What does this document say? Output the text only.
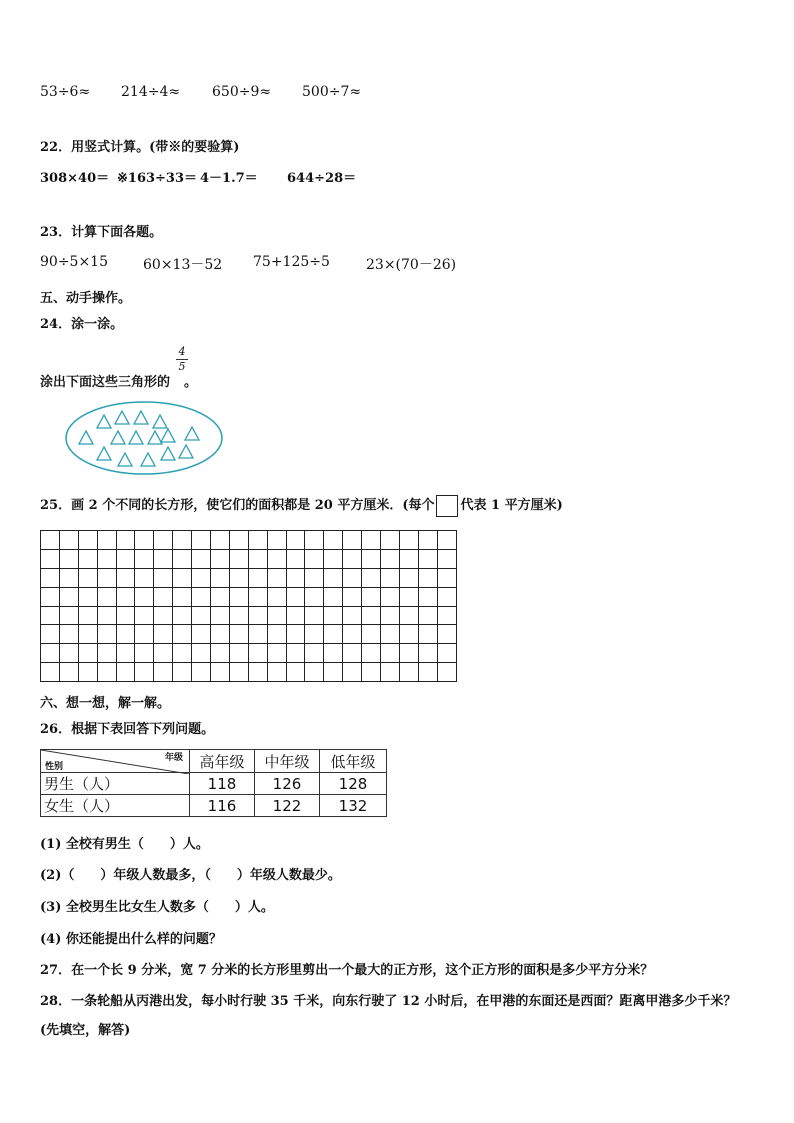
53÷6≈ 214÷4≈ 650÷9≈ 500÷7≈
22．用竖式计算。(带※的要验算)
308×40＝ ※163÷33＝ 4－1.7＝ 644÷28＝
23．计算下面各题。
90÷5×15	60×13－52 75+125÷5	23×(70－26)
五、动手操作。
24．涂一涂。
涂出下面这些三角形的 。
4
5
25．画 2 个不同的长方形，使它们的面积都是 20 平方厘米．(每个 代表 1 平方厘米)

六、想一想，解一解。
26．根据下表回答下列问题。
年级
性别	高年级	中年级	低年级
男生（人）	118	126	128
女生（人）	116	122	132
(1) 全校有男生（　　）人。
(2)（　　）年级人数最多，（　　）年级人数最少。
(3) 全校男生比女生人数多（　　）人。
(4) 你还能提出什么样的问题？
27．在一个长 9 分米，宽 7 分米的长方形里剪出一个最大的正方形，这个正方形的面积是多少平方分米？
28．一条轮船从丙港出发，每小时行驶 35 千米，向东行驶了 12 小时后，在甲港的东面还是西面？距离甲港多少千米？
(先填空，解答)
